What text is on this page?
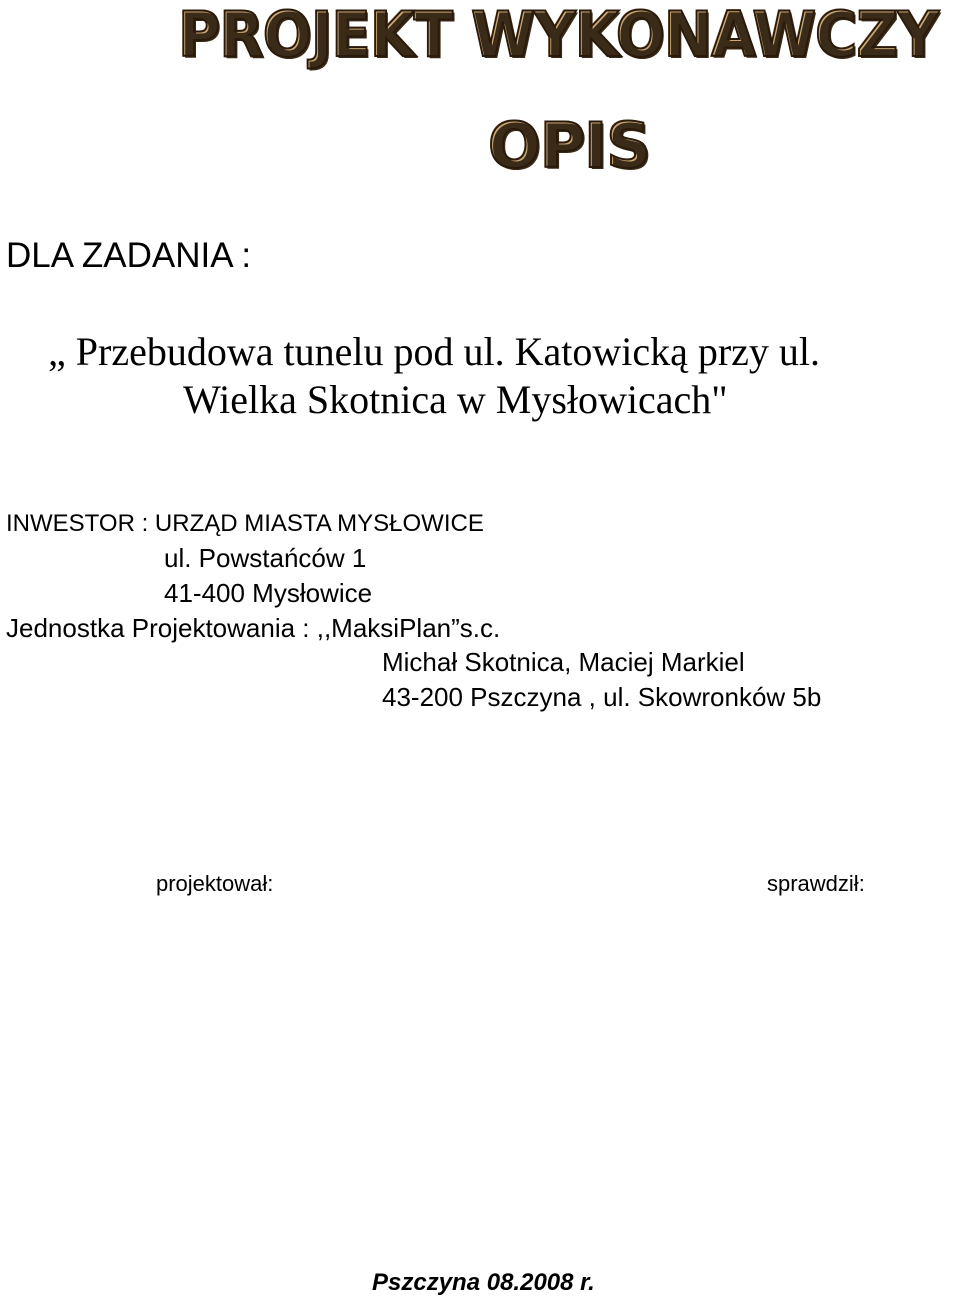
PROJEKT WYKONAWCZY
OPIS

DLA ZADANIA :

„ Przebudowa tunelu pod ul. Katowicką przy ul.

Wielka Skotnica w Mysłowicach"

INWESTOR : URZĄD MIASTA MYSŁOWICE

ul. Powstańców 1

41-400 Mysłowice

Jednostka Projektowania : ,,MaksiPlan”s.c.

Michał Skotnica, Maciej Markiel

43-200 Pszczyna , ul. Skowronków 5b

projektował:	sprawdził:

Pszczyna 08.2008 r.
